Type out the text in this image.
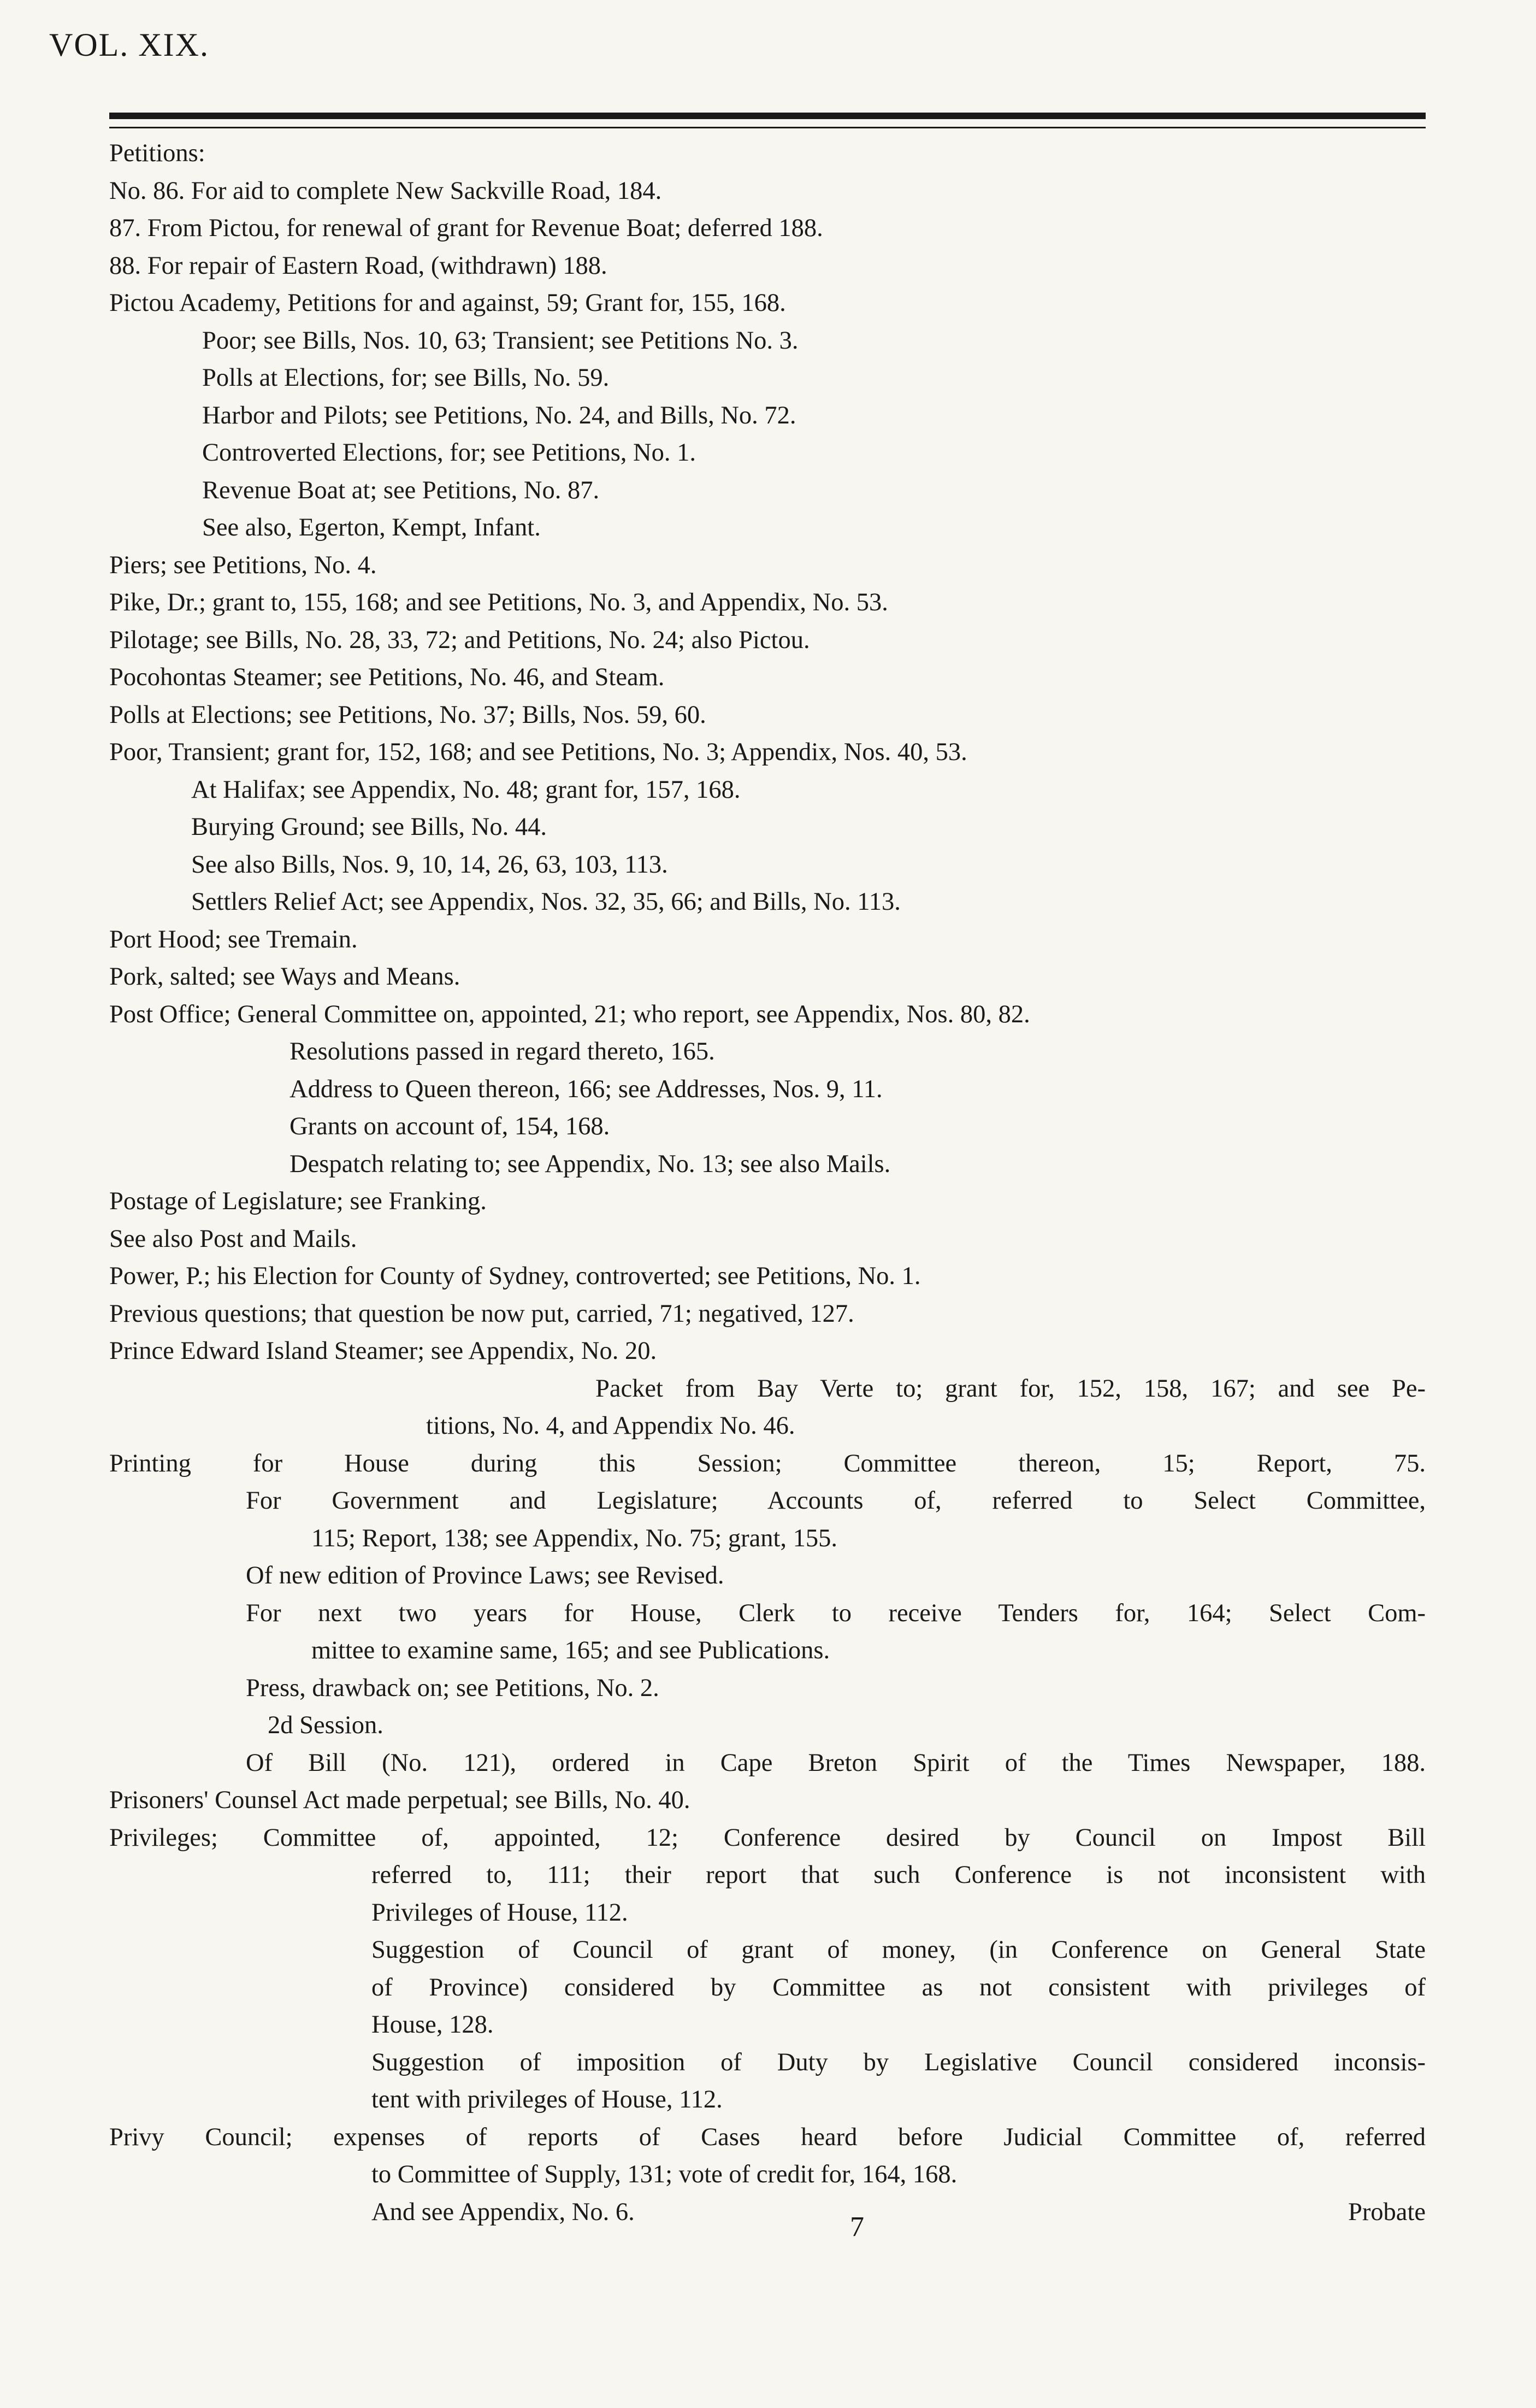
VOL. XIX.
Petitions:
No. 86. For aid to complete New Sackville Road, 184.
87. From Pictou, for renewal of grant for Revenue Boat; deferred 188.
88. For repair of Eastern Road, (withdrawn) 188.
Pictou Academy, Petitions for and against, 59; Grant for, 155, 168.
Poor; see Bills, Nos. 10, 63; Transient; see Petitions No. 3.
Polls at Elections, for; see Bills, No. 59.
Harbor and Pilots; see Petitions, No. 24, and Bills, No. 72.
Controverted Elections, for; see Petitions, No. 1.
Revenue Boat at; see Petitions, No. 87.
See also, Egerton, Kempt, Infant.
Piers; see Petitions, No. 4.
Pike, Dr.; grant to, 155, 168; and see Petitions, No. 3, and Appendix, No. 53.
Pilotage; see Bills, No. 28, 33, 72; and Petitions, No. 24; also Pictou.
Pocohontas Steamer; see Petitions, No. 46, and Steam.
Polls at Elections; see Petitions, No. 37; Bills, Nos. 59, 60.
Poor, Transient; grant for, 152, 168; and see Petitions, No. 3; Appendix, Nos. 40, 53.
At Halifax; see Appendix, No. 48; grant for, 157, 168.
Burying Ground; see Bills, No. 44.
See also Bills, Nos. 9, 10, 14, 26, 63, 103, 113.
Settlers Relief Act; see Appendix, Nos. 32, 35, 66; and Bills, No. 113.
Port Hood; see Tremain.
Pork, salted; see Ways and Means.
Post Office; General Committee on, appointed, 21; who report, see Appendix, Nos. 80, 82.
Resolutions passed in regard thereto, 165.
Address to Queen thereon, 166; see Addresses, Nos. 9, 11.
Grants on account of, 154, 168.
Despatch relating to; see Appendix, No. 13; see also Mails.
Postage of Legislature; see Franking.
See also Post and Mails.
Power, P.; his Election for County of Sydney, controverted; see Petitions, No. 1.
Previous questions; that question be now put, carried, 71; negatived, 127.
Prince Edward Island Steamer; see Appendix, No. 20.
Packet from Bay Verte to; grant for, 152, 158, 167; and see Pe-
titions, No. 4, and Appendix No. 46.
Printing for House during this Session; Committee thereon, 15; Report, 75.
For Government and Legislature; Accounts of, referred to Select Committee,
115; Report, 138; see Appendix, No. 75; grant, 155.
Of new edition of Province Laws; see Revised.
For next two years for House, Clerk to receive Tenders for, 164; Select Com-
mittee to examine same, 165; and see Publications.
Press, drawback on; see Petitions, No. 2.
2d Session.
Of Bill (No. 121), ordered in Cape Breton Spirit of the Times Newspaper, 188.
Prisoners' Counsel Act made perpetual; see Bills, No. 40.
Privileges; Committee of, appointed, 12; Conference desired by Council on Impost Bill
referred to, 111; their report that such Conference is not inconsistent with
Privileges of House, 112.
Suggestion of Council of grant of money, (in Conference on General State
of Province) considered by Committee as not consistent with privileges of
House, 128.
Suggestion of imposition of Duty by Legislative Council considered inconsis-
tent with privileges of House, 112.
Privy Council; expenses of reports of Cases heard before Judicial Committee of, referred
to Committee of Supply, 131; vote of credit for, 164, 168.
And see Appendix, No. 6.	Probate
7
